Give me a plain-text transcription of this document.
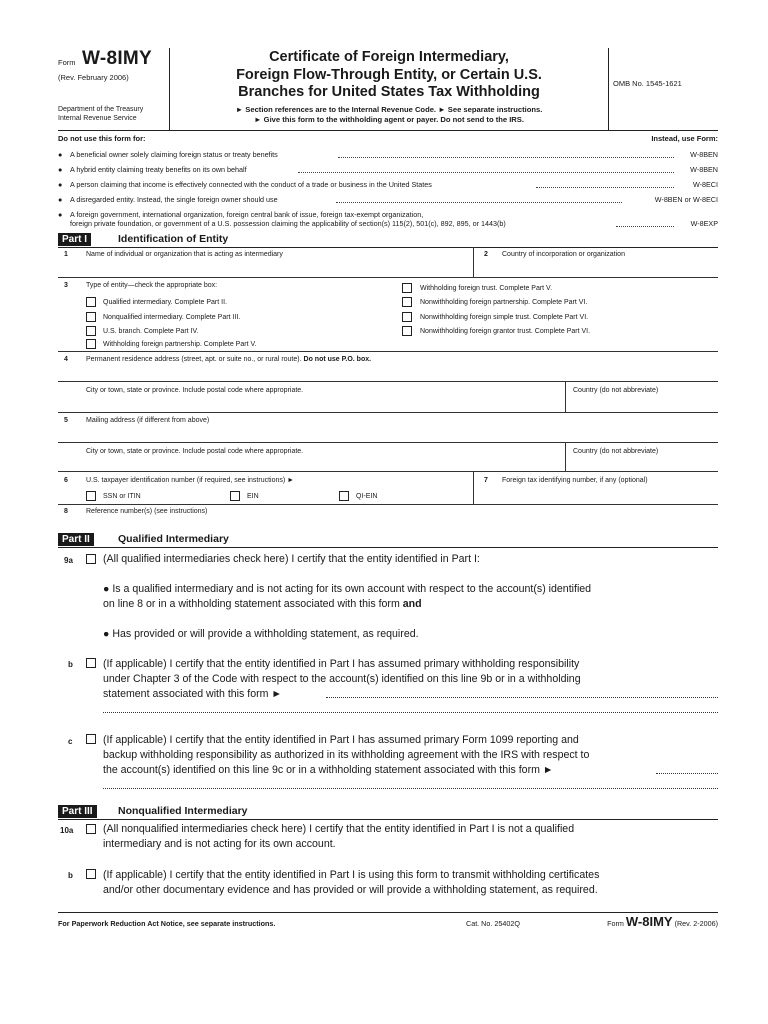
Form W-8IMY
(Rev. February 2006)
Department of the Treasury
Internal Revenue Service
Certificate of Foreign Intermediary,
Foreign Flow-Through Entity, or Certain U.S.
Branches for United States Tax Withholding
► Section references are to the Internal Revenue Code. ► See separate instructions.
► Give this form to the withholding agent or payer. Do not send to the IRS.
OMB No. 1545-1621
Do not use this form for:	Instead, use Form:
● A beneficial owner solely claiming foreign status or treaty benefits	W-8BEN
● A hybrid entity claiming treaty benefits on its own behalf	W-8BEN
● A person claiming that income is effectively connected with the conduct of a trade or business in the United States	W-8ECI
● A disregarded entity. Instead, the single foreign owner should use	W-8BEN or W-8ECI
● A foreign government, international organization, foreign central bank of issue, foreign tax-exempt organization,
foreign private foundation, or government of a U.S. possession claiming the applicability of section(s) 115(2), 501(c), 892, 895, or 1443(b)	W-8EXP
Part I	Identification of Entity
1	Name of individual or organization that is acting as intermediary	2 Country of incorporation or organization
3	Type of entity—check the appropriate box:
Qualified intermediary. Complete Part II.
Nonqualified intermediary. Complete Part III.
U.S. branch. Complete Part IV.
Withholding foreign partnership. Complete Part V.
Withholding foreign trust. Complete Part V.
Nonwithholding foreign partnership. Complete Part VI.
Nonwithholding foreign simple trust. Complete Part VI.
Nonwithholding foreign grantor trust. Complete Part VI.
4	Permanent residence address (street, apt. or suite no., or rural route). Do not use P.O. box.
City or town, state or province. Include postal code where appropriate.	Country (do not abbreviate)
5	Mailing address (if different from above)
City or town, state or province. Include postal code where appropriate.	Country (do not abbreviate)
6	U.S. taxpayer identification number (if required, see instructions) ►	7 Foreign tax identifying number, if any (optional)
SSN or ITIN	EIN	QI-EIN
8	Reference number(s) (see instructions)
Part II	Qualified Intermediary
9a	(All qualified intermediaries check here) I certify that the entity identified in Part I:
● Is a qualified intermediary and is not acting for its own account with respect to the account(s) identified
on line 8 or in a withholding statement associated with this form and
● Has provided or will provide a withholding statement, as required.
b	(If applicable) I certify that the entity identified in Part I has assumed primary withholding responsibility
under Chapter 3 of the Code with respect to the account(s) identified on this line 9b or in a withholding
statement associated with this form ►
c	(If applicable) I certify that the entity identified in Part I has assumed primary Form 1099 reporting and
backup withholding responsibility as authorized in its withholding agreement with the IRS with respect to
the account(s) identified on this line 9c or in a withholding statement associated with this form ►
Part III	Nonqualified Intermediary
10a	(All nonqualified intermediaries check here) I certify that the entity identified in Part I is not a qualified
intermediary and is not acting for its own account.
b	(If applicable) I certify that the entity identified in Part I is using this form to transmit withholding certificates
and/or other documentary evidence and has provided or will provide a withholding statement, as required.
For Paperwork Reduction Act Notice, see separate instructions.	Cat. No. 25402Q	Form W-8IMY (Rev. 2-2006)
